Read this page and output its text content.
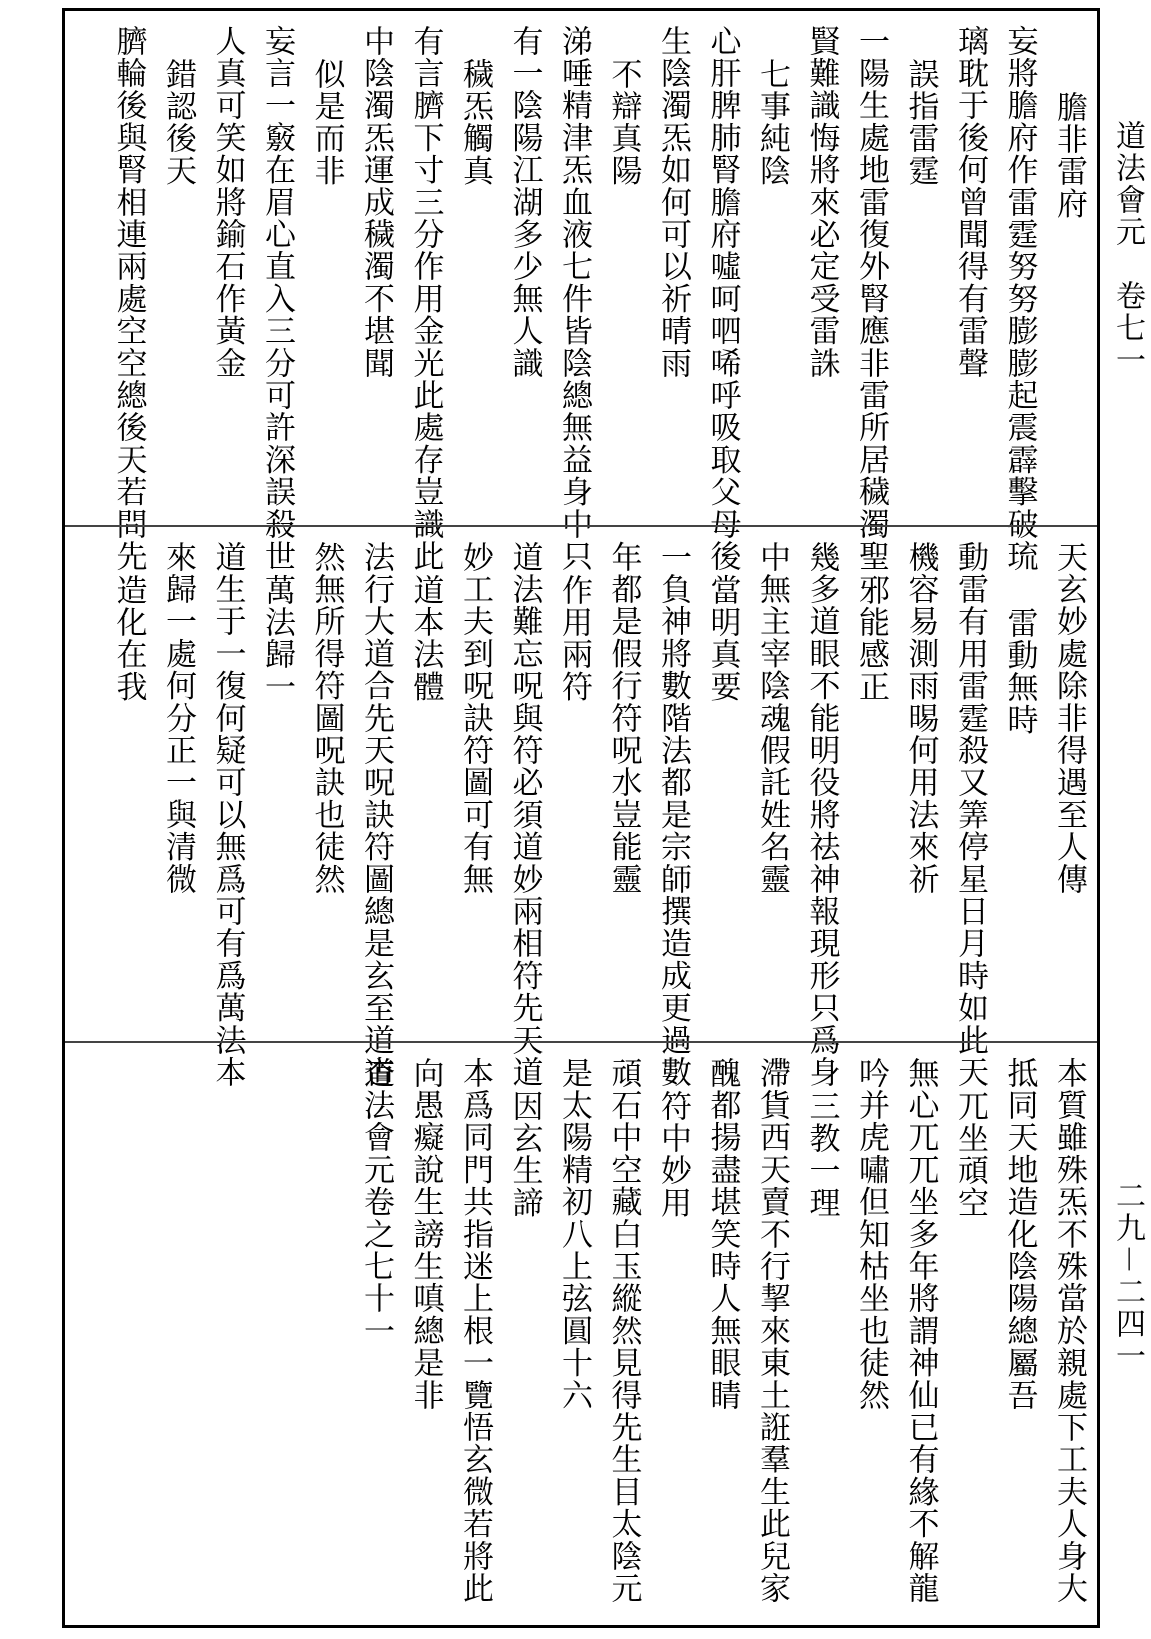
道法會元　卷七一
二九－二四一
膽非雷府
妄將膽府作雷霆努努膨膨起震霹擊破琉
璃耽于後何曾聞得有雷聲
誤指雷霆
一陽生處地雷復外腎應非雷所居穢濁聖
賢難識悔將來必定受雷誅
七事純陰
心肝脾肺腎膽府噓呵呬唏呼吸取父母後
生陰濁炁如何可以祈晴雨
不辯真陽
涕唾精津炁血液七件皆陰總無益身中只
有一陰陽江湖多少無人識
穢炁觸真
有言臍下寸三分作用金光此處存豈識此
中陰濁炁運成穢濁不堪聞
似是而非
妄言一竅在眉心直入三分可許深誤殺世
人真可笑如將鍮石作黃金
錯認後天
臍輪後與腎相連兩處空空總後天若問先
天玄妙處除非得遇至人傳
雷動無時
動雷有用雷霆殺又筭停星日月時如此天
機容易測雨晹何用法來祈
邪能感正
幾多道眼不能明役將祛神報現形只爲身
中無主宰陰魂假託姓名靈
當明真要
一負神將數階法都是宗師撰造成更過數
年都是假行符呪水豈能靈
作用兩符
道法難忘呪與符必須道妙兩相符先天道
妙工夫到呪訣符圖可有無
道本法體
法行大道合先天呪訣符圖總是玄至道杳
然無所得符圖呪訣也徒然
萬法歸一
道生于一復何疑可以無爲可有爲萬法本
來歸一處何分正一與清微
造化在我
本質雖殊炁不殊當於親處下工夫人身大
抵同天地造化陰陽總屬吾
兀坐頑空
無心兀兀坐多年將謂神仙已有緣不解龍
吟并虎嘯但知枯坐也徒然
三教一理
滯貨西天賣不行挈來東土誑羣生此兒家
醜都揚盡堪笑時人無眼睛
符中妙用
頑石中空藏白玉縱然見得先生目太陰元
是太陽精初八上弦圓十六
因玄生諦
本爲同門共指迷上根一覽悟玄微若將此
向愚癡說生謗生嗔總是非
道法會元卷之七十一
